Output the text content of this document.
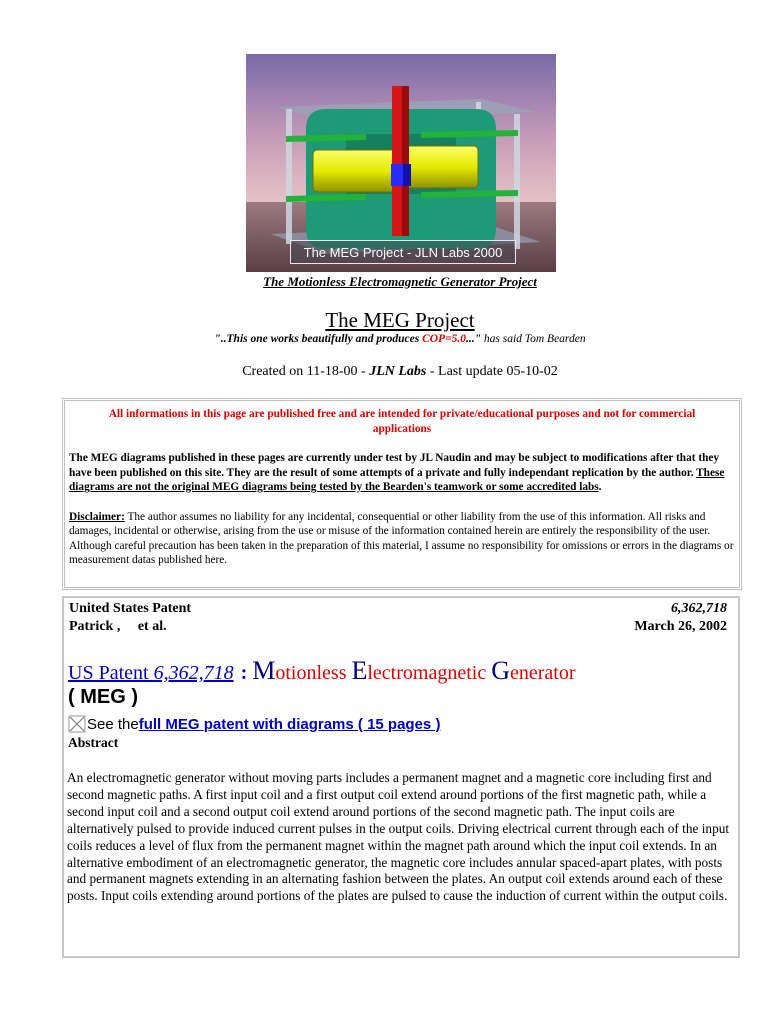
The MEG Project - JLN Labs 2000
The Motionless Electromagnetic Generator Project
The MEG Project
"..This one works beautifully and produces COP=5.0..." has said Tom Bearden
Created on 11-18-00 - JLN Labs - Last update 05-10-02
All informations in this page are published free and are intended for private/educational purposes and not for commercial applications
The MEG diagrams published in these pages are currently under test by JL Naudin and may be subject to modifications after that they have been published on this site. They are the result of some attempts of a private and fully independant replication by the author. These diagrams are not the original MEG diagrams being tested by the Bearden's teamwork or some accredited labs.
Disclaimer: The author assumes no liability for any incidental, consequential or other liability from the use of this information. All risks and damages, incidental or otherwise, arising from the use or misuse of the information contained herein are entirely the responsibility of the user. Although careful precaution has been taken in the preparation of this material, I assume no responsibility for omissions or errors in the diagrams or measurement datas published here.
United States Patent	6,362,718
Patrick ,     et al.	March 26, 2002
US Patent 6,362,718 : Motionless Electromagnetic Generator
( MEG )
See the full MEG patent with diagrams ( 15 pages )
Abstract

An electromagnetic generator without moving parts includes a permanent magnet and a magnetic core including first and second magnetic paths. A first input coil and a first output coil extend around portions of the first magnetic path, while a second input coil and a second output coil extend around portions of the second magnetic path. The input coils are alternatively pulsed to provide induced current pulses in the output coils. Driving electrical current through each of the input coils reduces a level of flux from the permanent magnet within the magnet path around which the input coil extends. In an alternative embodiment of an electromagnetic generator, the magnetic core includes annular spaced-apart plates, with posts and permanent magnets extending in an alternating fashion between the plates. An output coil extends around each of these posts. Input coils extending around portions of the plates are pulsed to cause the induction of current within the output coils.
